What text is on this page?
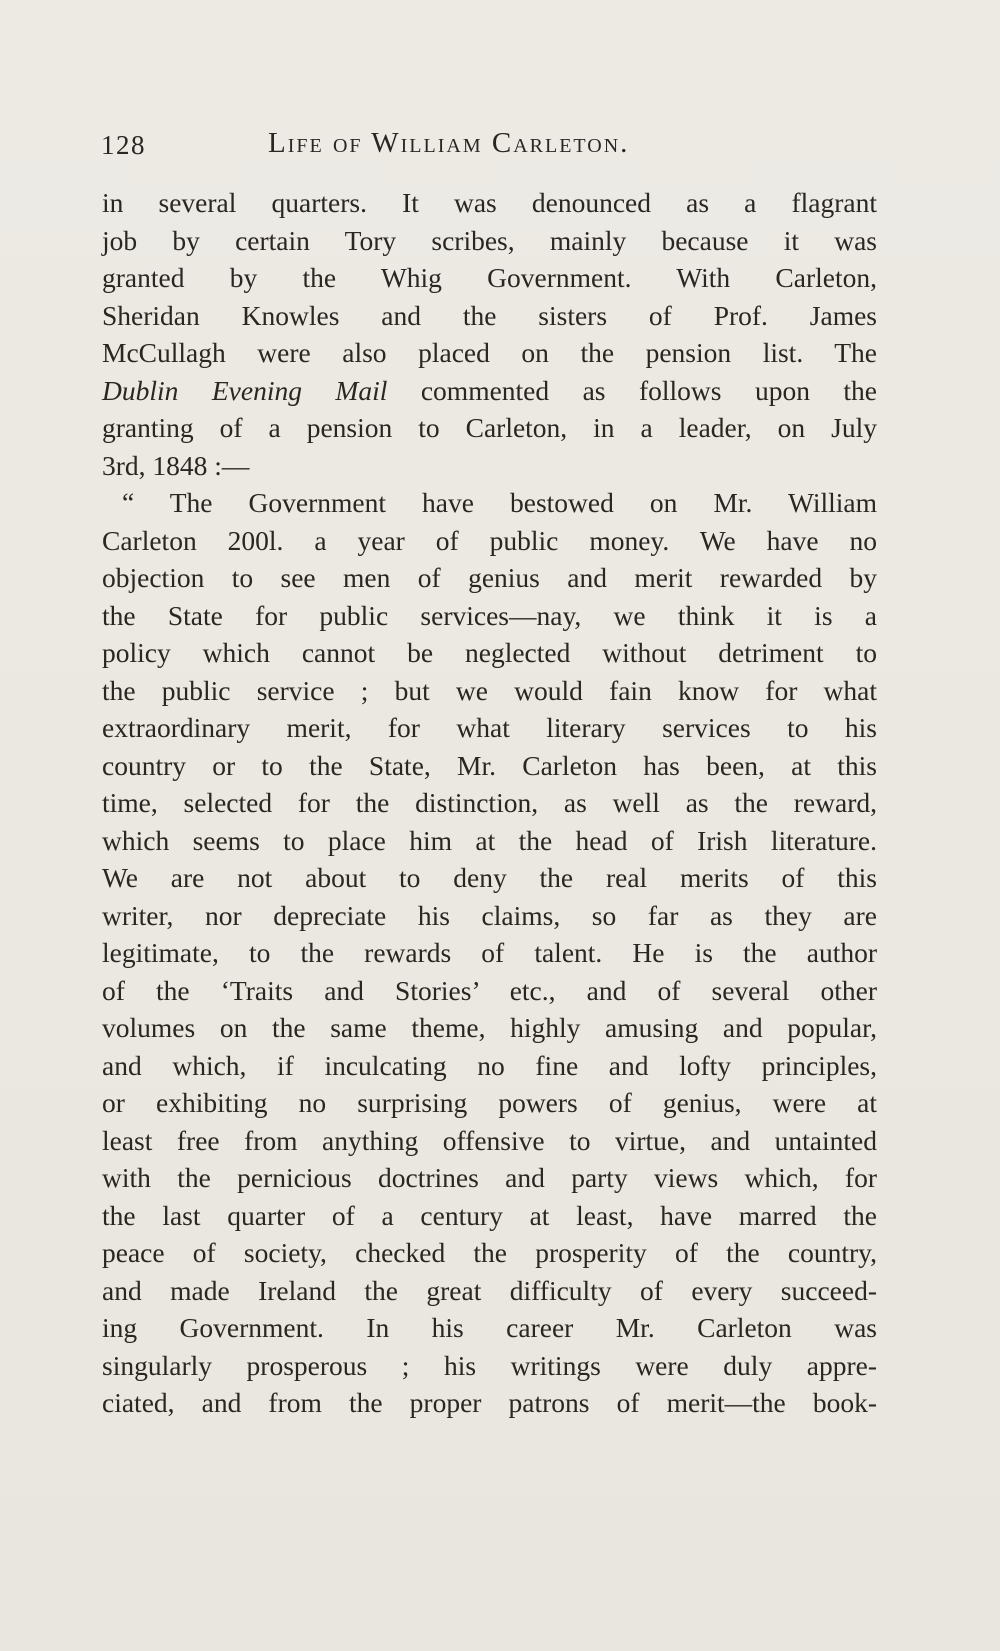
128	Life of William Carleton.
in several quarters. It was denounced as a flagrant
job by certain Tory scribes, mainly because it was
granted by the Whig Government. With Carleton,
Sheridan Knowles and the sisters of Prof. James
McCullagh were also placed on the pension list. The
Dublin Evening Mail commented as follows upon the
granting of a pension to Carleton, in a leader, on July
3rd, 1848 :—
“ The Government have bestowed on Mr. William
Carleton 200l. a year of public money. We have no
objection to see men of genius and merit rewarded by
the State for public services—nay, we think it is a
policy which cannot be neglected without detriment to
the public service ; but we would fain know for what
extraordinary merit, for what literary services to his
country or to the State, Mr. Carleton has been, at this
time, selected for the distinction, as well as the reward,
which seems to place him at the head of Irish literature.
We are not about to deny the real merits of this
writer, nor depreciate his claims, so far as they are
legitimate, to the rewards of talent. He is the author
of the ‘Traits and Stories’ etc., and of several other
volumes on the same theme, highly amusing and popular,
and which, if inculcating no fine and lofty principles,
or exhibiting no surprising powers of genius, were at
least free from anything offensive to virtue, and untainted
with the pernicious doctrines and party views which, for
the last quarter of a century at least, have marred the
peace of society, checked the prosperity of the country,
and made Ireland the great difficulty of every succeed-
ing Government. In his career Mr. Carleton was
singularly prosperous ; his writings were duly appre-
ciated, and from the proper patrons of merit—the book-
